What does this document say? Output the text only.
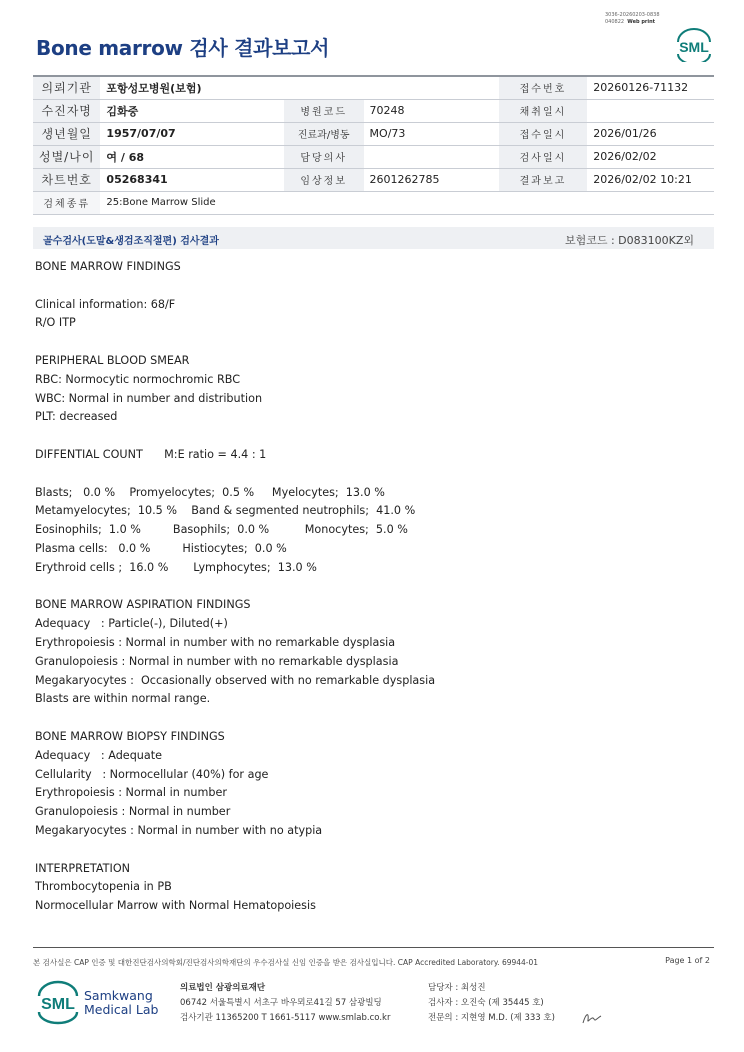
3036-20260203-0838
040822 Web print
Bone marrow 검사 결과보고서	SML
의뢰기관	포항성모병원(보험)			접수번호	20260126-71132
수진자명	김화중	병원코드	70248	채취일시	
생년월일	1957/07/07	진료과/병동	MO/73	접수일시	2026/01/26
성별/나이	여 / 68	담당의사		검사일시	2026/02/02
차트번호	05268341	임상정보	2601262785	결과보고	2026/02/02 10:21
검체종류	25:Bone Marrow Slide				
골수검사(도말&생검조직절편) 검사결과	보험코드 : D083100KZ외
BONE MARROW FINDINGS
Clinical information: 68/F
R/O ITP
PERIPHERAL BLOOD SMEAR
RBC: Normocytic normochromic RBC
WBC: Normal in number and distribution
PLT: decreased
DIFFENTIAL COUNT      M:E ratio = 4.4 : 1
Blasts;   0.0 %    Promyelocytes;  0.5 %     Myelocytes;  13.0 %
Metamyelocytes;  10.5 %    Band & segmented neutrophils;  41.0 %
Eosinophils;  1.0 %         Basophils;  0.0 %          Monocytes;  5.0 %
Plasma cells:   0.0 %         Histiocytes;  0.0 %
Erythroid cells ;  16.0 %       Lymphocytes;  13.0 %
BONE MARROW ASPIRATION FINDINGS
Adequacy   : Particle(-), Diluted(+)
Erythropoiesis : Normal in number with no remarkable dysplasia
Granulopoiesis : Normal in number with no remarkable dysplasia
Megakaryocytes :  Occasionally observed with no remarkable dysplasia
Blasts are within normal range.
BONE MARROW BIOPSY FINDINGS
Adequacy   : Adequate
Cellularity   : Normocellular (40%) for age
Erythropoiesis : Normal in number
Granulopoiesis : Normal in number
Megakaryocytes : Normal in number with no atypia
INTERPRETATION
Thrombocytopenia in PB
Normocellular Marrow with Normal Hematopoiesis
본 검사실은 CAP 인증 및 대한진단검사의학회/진단검사의학재단의 우수검사실 신임 인증을 받은 검사실입니다. CAP Accredited Laboratory. 69944-01	Page 1 of 2
SML
Samkwang
Medical Lab
의료법인 삼광의료재단
06742 서울특별시 서초구 바우뫼로41길 57 삼광빌딩
검사기관 11365200 T 1661-5117 www.smlab.co.kr
담당자 : 최성진
검사자 : 오진숙 (제 35445 호)
전문의 : 지현영 M.D. (제 333 호)
